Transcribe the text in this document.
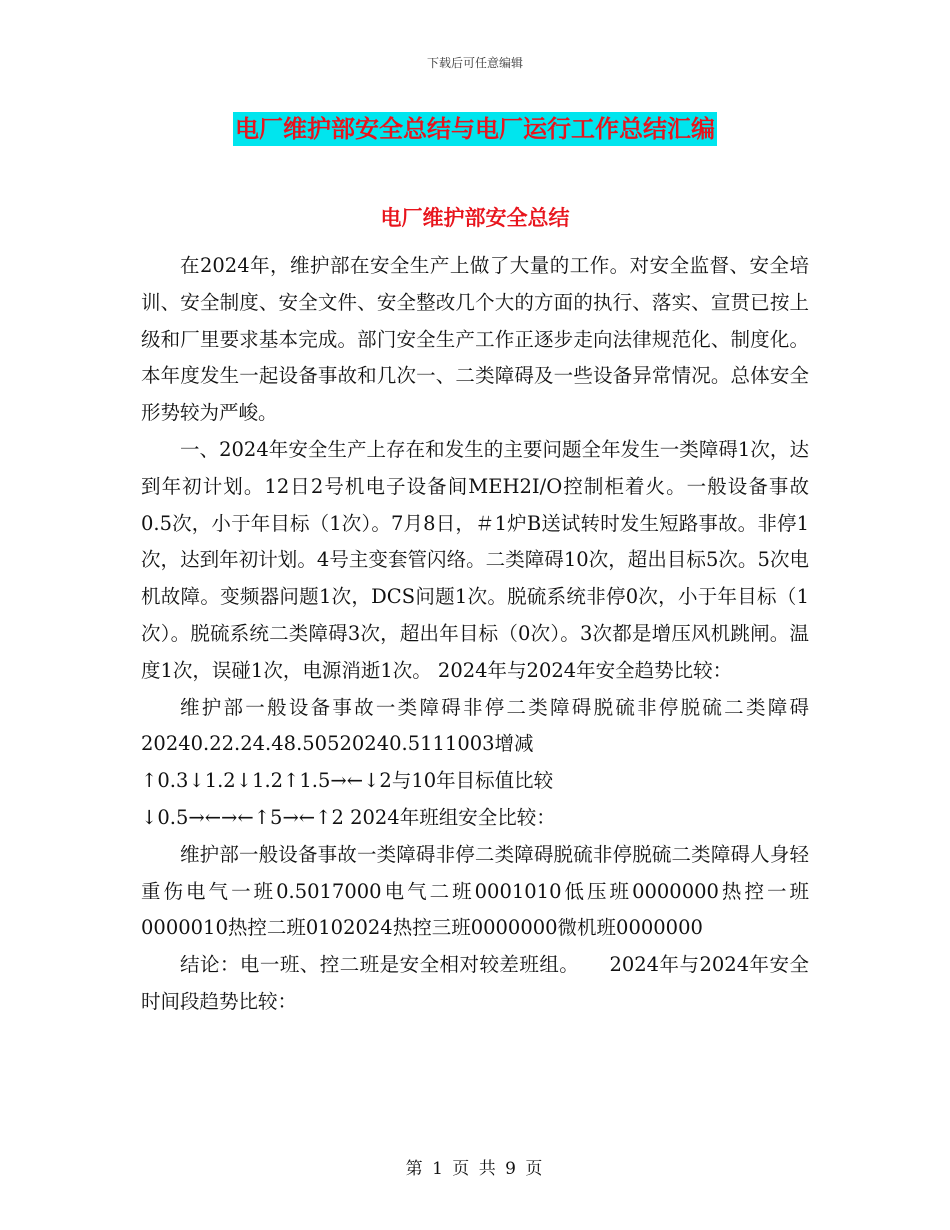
下载后可任意编辑
电厂维护部安全总结与电厂运行工作总结汇编
电厂维护部安全总结

在2024年，维护部在安全生产上做了大量的工作。对安全监督、安全培训、安全制度、安全文件、安全整改几个大的方面的执行、落实、宣贯已按上级和厂里要求基本完成。部门安全生产工作正逐步走向法律规范化、制度化。本年度发生一起设备事故和几次一、二类障碍及一些设备异常情况。总体安全形势较为严峻。

一、2024年安全生产上存在和发生的主要问题全年发生一类障碍1次，达到年初计划。12日2号机电子设备间MEH2I/O控制柜着火。一般设备事故0.5次，小于年目标（1次）。7月8日，＃1炉B送试转时发生短路事故。非停1次，达到年初计划。4号主变套管闪络。二类障碍10次，超出目标5次。5次电机故障。变频器问题1次，DCS问题1次。脱硫系统非停0次，小于年目标（1次）。脱硫系统二类障碍3次，超出年目标（0次）。3次都是增压风机跳闸。温度1次，误碰1次，电源消逝1次。 2024年与2024年安全趋势比较：

维护部一般设备事故一类障碍非停二类障碍脱硫非停脱硫二类障碍20240.22.24.48.50520240.5111003增减

↑0.3↓1.2↓1.2↑1.5→←↓2与10年目标值比较

↓0.5→←→←↑5→←↑2 2024年班组安全比较：

维护部一般设备事故一类障碍非停二类障碍脱硫非停脱硫二类障碍人身轻重伤电气一班0.5017000电气二班0001010低压班0000000热控一班0000010热控二班0102024热控三班0000000微机班0000000

结论：电一班、控二班是安全相对较差班组。　　2024年与2024年安全时间段趋势比较：

第 1 页 共 9 页
